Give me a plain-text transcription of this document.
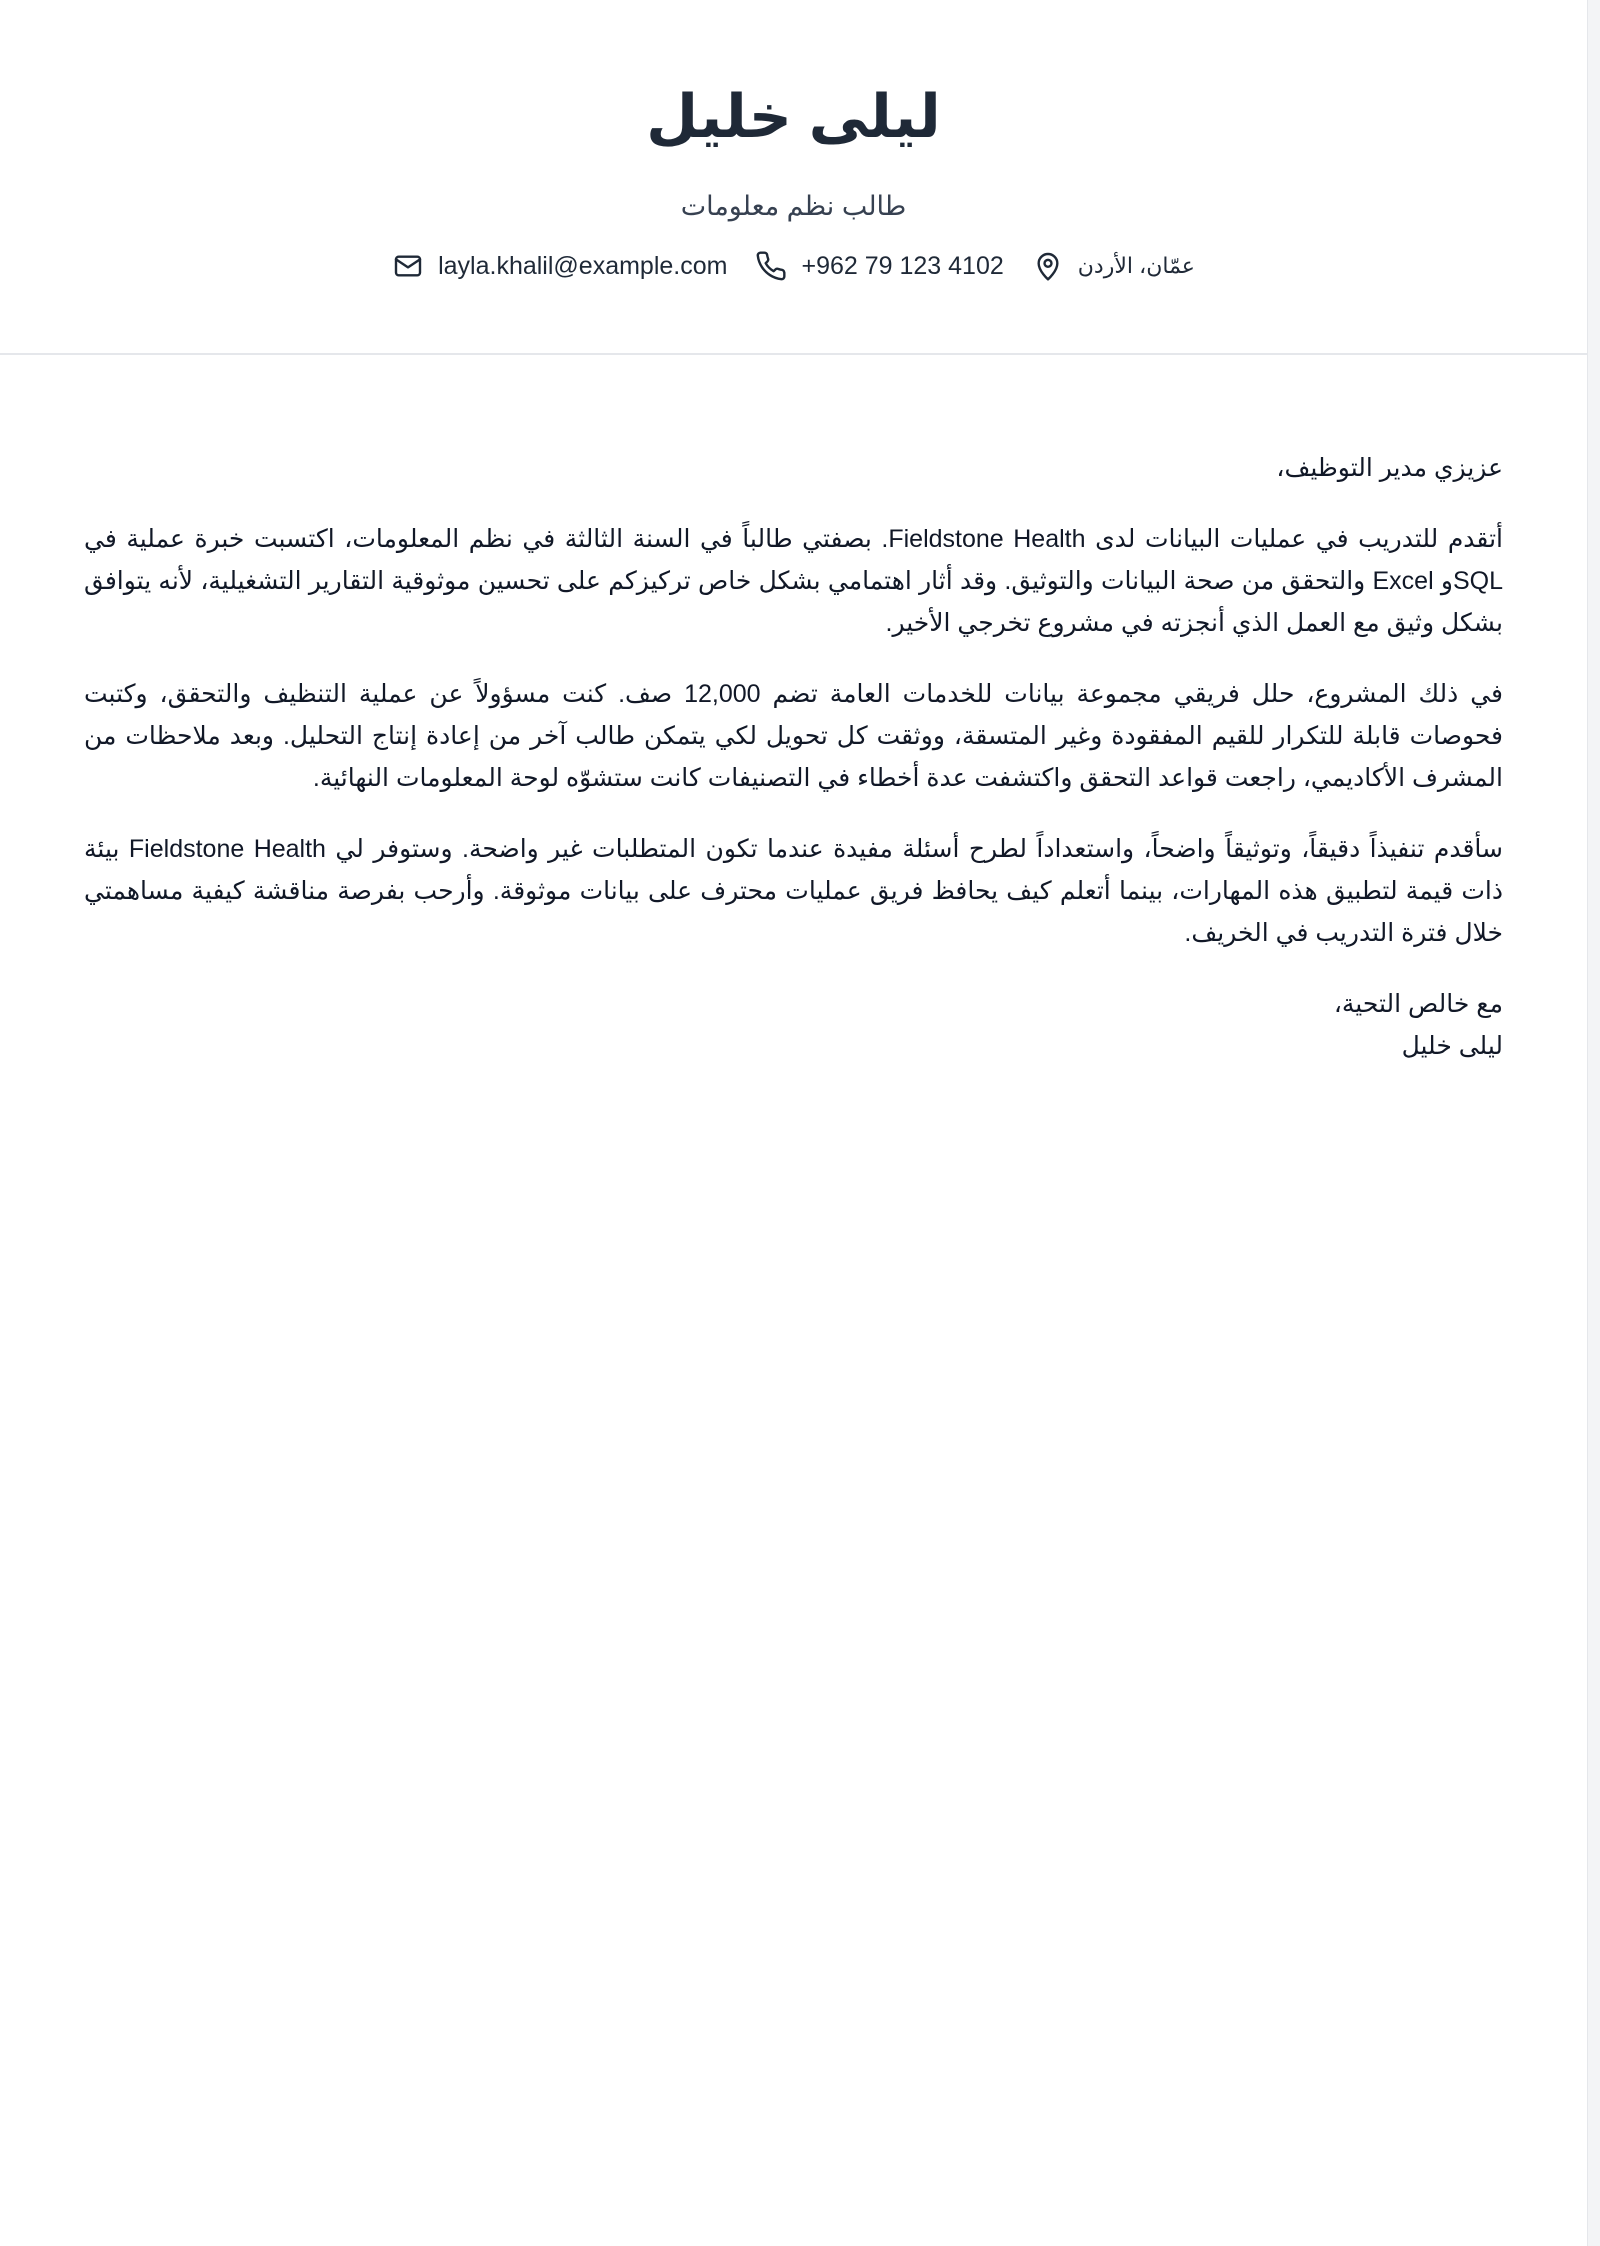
ليلى خليل
طالب نظم معلومات
layla.khalil@example.com	+962 79 123 4102	عمّان، الأردن

عزيزي مدير التوظيف،

أتقدم للتدريب في عمليات البيانات لدى Fieldstone Health. بصفتي طالباً في السنة الثالثة في نظم المعلومات، اكتسبت خبرة عملية في SQLو Excel والتحقق من صحة البيانات والتوثيق. وقد أثار اهتمامي بشكل خاص تركيزكم على تحسين موثوقية التقارير التشغيلية، لأنه يتوافق بشكل وثيق مع العمل الذي أنجزته في مشروع تخرجي الأخير.

في ذلك المشروع، حلل فريقي مجموعة بيانات للخدمات العامة تضم 12,000 صف. كنت مسؤولاً عن عملية التنظيف والتحقق، وكتبت فحوصات قابلة للتكرار للقيم المفقودة وغير المتسقة، ووثقت كل تحويل لكي يتمكن طالب آخر من إعادة إنتاج التحليل. وبعد ملاحظات من المشرف الأكاديمي، راجعت قواعد التحقق واكتشفت عدة أخطاء في التصنيفات كانت ستشوّه لوحة المعلومات النهائية.

سأقدم تنفيذاً دقيقاً، وتوثيقاً واضحاً، واستعداداً لطرح أسئلة مفيدة عندما تكون المتطلبات غير واضحة. وستوفر لي Fieldstone Health بيئة ذات قيمة لتطبيق هذه المهارات، بينما أتعلم كيف يحافظ فريق عمليات محترف على بيانات موثوقة. وأرحب بفرصة مناقشة كيفية مساهمتي خلال فترة التدريب في الخريف.

مع خالص التحية،
ليلى خليل
